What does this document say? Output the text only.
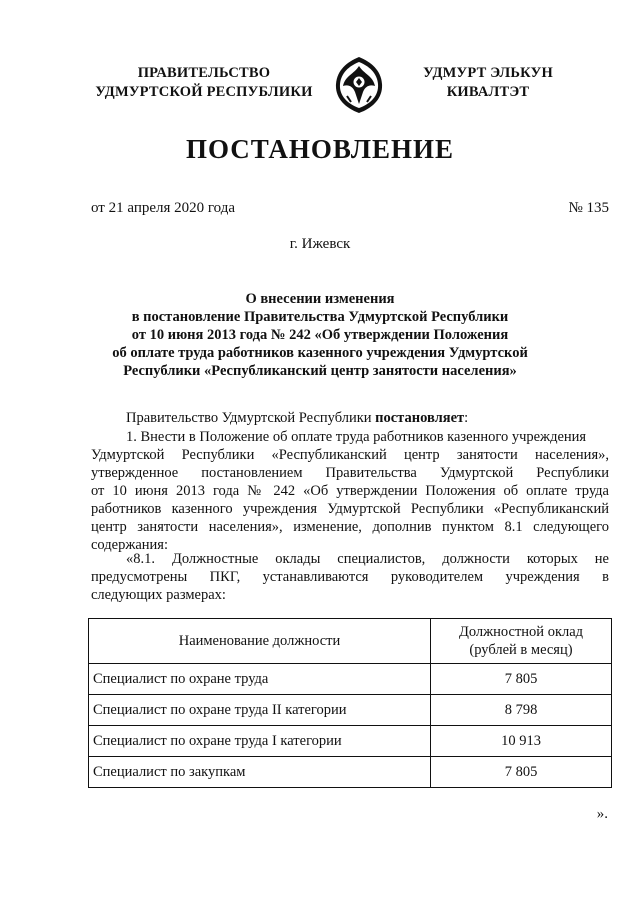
ПРАВИТЕЛЬСТВО
УДМУРТСКОЙ РЕСПУБЛИКИ
УДМУРТ ЭЛЬКУН
КИВАЛТЭТ
ПОСТАНОВЛЕНИЕ
от 21 апреля 2020 года	№ 135
г. Ижевск
О внесении изменения
в постановление Правительства Удмуртской Республики
от 10 июня 2013 года № 242 «Об утверждении Положения
об оплате труда работников казенного учреждения Удмуртской
Республики «Республиканский центр занятости населения»
Правительство Удмуртской Республики постановляет:
1. Внести в Положение об оплате труда работников казенного учреждения
Удмуртской Республики «Республиканский центр занятости населения»,
утвержденное постановлением Правительства Удмуртской Республики
от 10 июня 2013 года № 242 «Об утверждении Положения об оплате труда
работников казенного учреждения Удмуртской Республики «Республиканский
центр занятости населения», изменение, дополнив пунктом 8.1 следующего
содержания:
«8.1. Должностные оклады специалистов, должности которых не
предусмотрены ПКГ, устанавливаются руководителем учреждения в
следующих размерах:
Наименование должности	Должностной оклад
(рублей в месяц)
Специалист по охране труда	7 805
Специалист по охране труда II категории	8 798
Специалист по охране труда I категории	10 913
Специалист по закупкам	7 805
».
